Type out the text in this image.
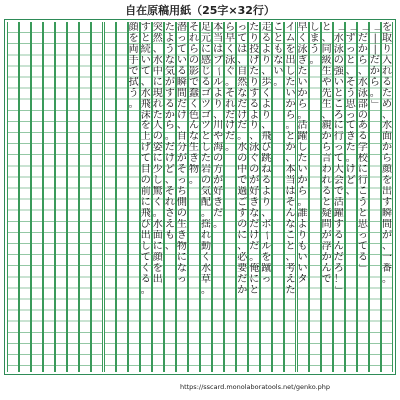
自在原稿用紙（25字×32行）
を
取
り
入
れ
る
た
め
、
水
面
か
ら
顔
を
出
す
瞬
間
が
、
一
番
。
「
―
―
だ
か
ら
。
」
「
だ
か
ら
、
水
泳
部
の
あ
る
学
校
に
行
こ
う
と
思
っ
て
る
」
「
ず
っ
と
、
そ
う
思
っ
て
き
た
。
け
ど
、
「
水
泳
の
強
い
と
こ
ろ
に
行
っ
て
大
会
で
活
躍
す
る
ん
だ
ろ
！
」
と
、
同
級
生
や
先
生
、
親
か
ら
言
わ
れ
る
と
疑
問
が
浮
か
ん
で
し
ま
う
。
早
く
泳
ぎ
た
い
か
ら
。
活
躍
し
た
い
か
ら
。
誰
よ
り
も
い
い
タ
イ
ム
を
出
し
た
い
か
ら
。
と
か
、
本
当
は
そ
ん
な
こ
と
、
考
え
た
こ
と
も
な
い
。
走
る
よ
り
、
歩
く
よ
り
、
飛
び
跳
ね
る
よ
り
、
ボ
ー
ル
を
蹴
っ
た
り
投
げ
た
り
す
る
よ
り
、
泳
ぐ
の
が
好
き
な
だ
け
だ
。
俺
に
と
っ
て
は
、
自
然
な
だ
け
だ
。
水
の
中
で
過
ご
す
の
に
、
必
要
だ
か
ら
早
く
泳
ぐ
。
そ
れ
だ
け
だ
。
本
当
は
プ
ー
ル
よ
り
、
川
や
海
の
方
が
好
き
だ
。
足
元
に
感
じ
る
ゴ
ツ
ゴ
ツ
と
し
た
岩
の
気
配
。
揺
れ
動
く
水
草
。
そ
れ
ら
の
影
で
蠢
く
色
ん
な
生
き
物
。
潜
っ
て
い
る
瞬
間
だ
け
、
自
分
が
そ
っ
ち
側
の
生
き
物
に
な
っ
た
よ
う
な
気
が
す
る
か
ら
。
だ
け
ど
、
そ
れ
さ
え
も
、
突
然
、
水
中
に
現
れ
た
人
の
姿
に
少
し
驚
く
。
水
面
に
顔
を
出
す
と
続
い
て
、
水
飛
沫
を
上
げ
て
目
の
前
に
飛
び
出
し
て
く
る
。
顔
を
両
手
で
拭
う
。
https://sscard.monolaboratools.net/genko.php
